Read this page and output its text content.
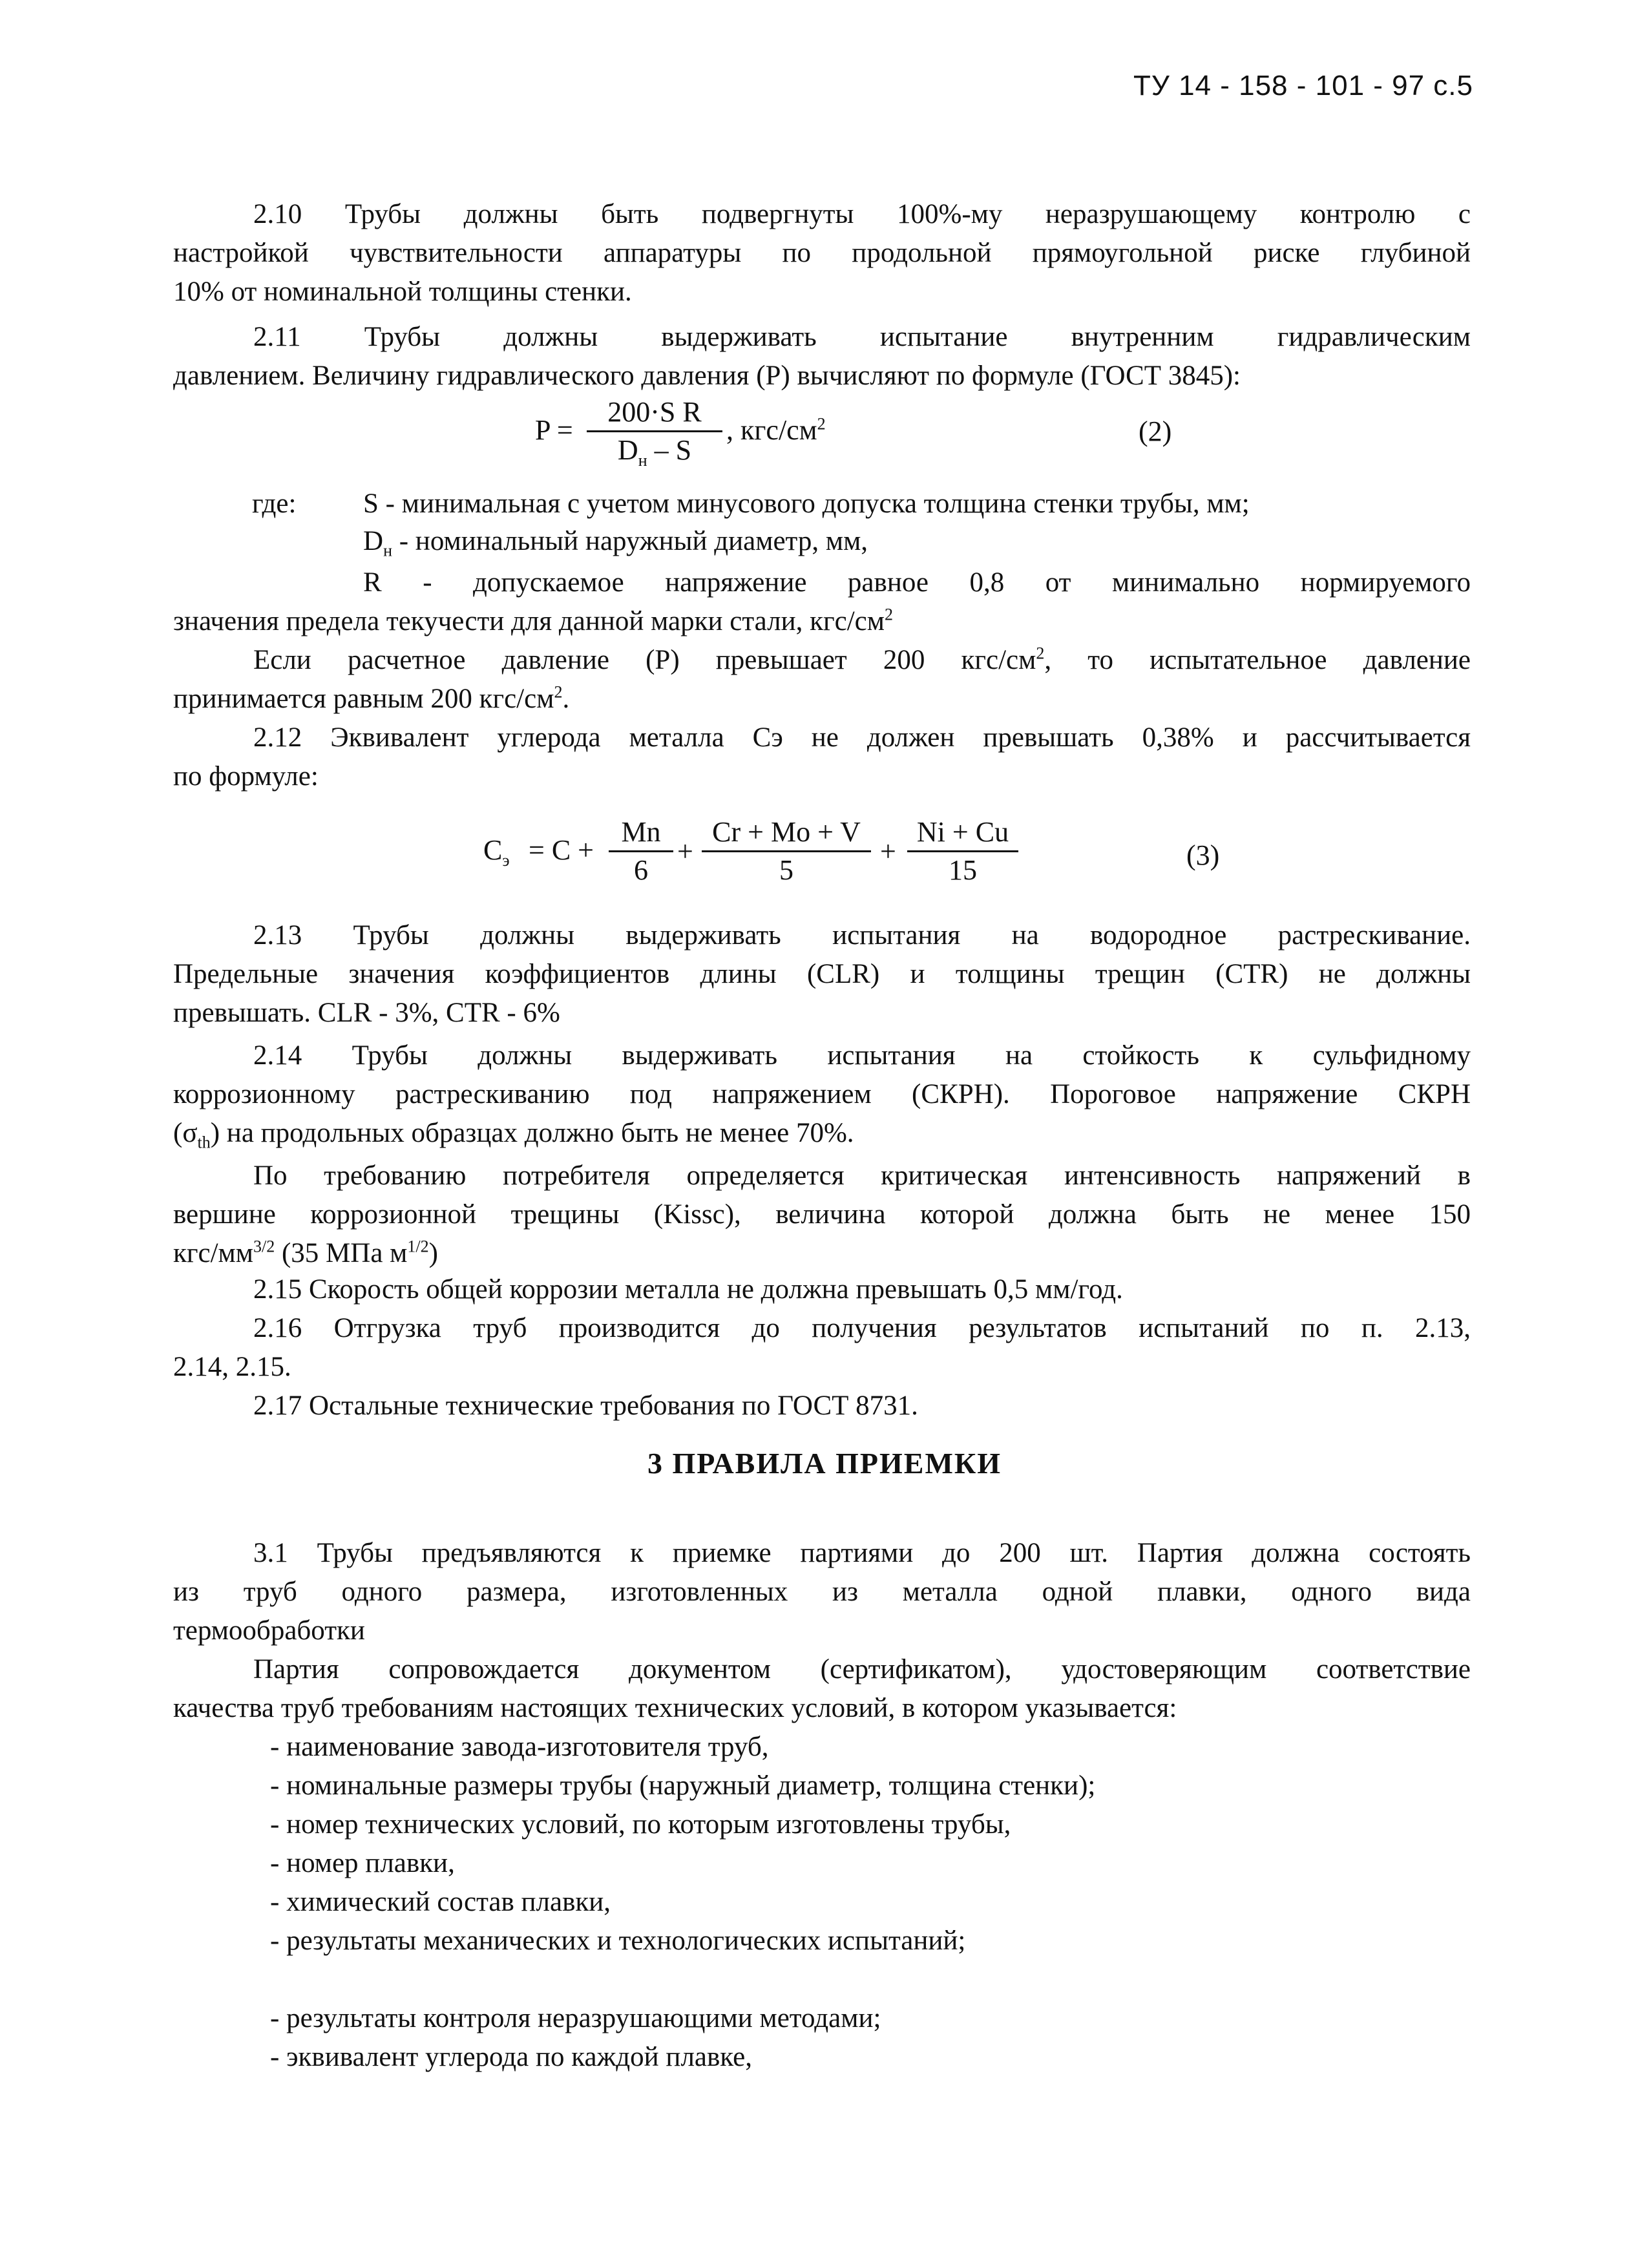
ТУ 14 - 158 - 101 - 97 с.5
2.10 Трубы должны быть подвергнуты 100%-му неразрушающему контролю с
настройкой чувствительности аппаратуры по продольной прямоугольной риске глубиной
10% от номинальной толщины стенки.
2.11 Трубы должны выдерживать испытание внутренним гидравлическим
давлением. Величину гидравлического давления (P) вычисляют по формуле (ГОСТ 3845):
P =
200·S R
$D_н$ – S
, кгс/$см^2$	(2)
где: S - минимальная с учетом минусового допуска толщина стенки трубы, мм;
$D_н$ - номинальный наружный диаметр, мм,
R - допускаемое напряжение равное 0,8 от минимально нормируемого
значения предела текучести для данной марки стали, кгс/$см^2$
Если расчетное давление (P) превышает 200 кгс/$см^2$, то испытательное давление
принимается равным 200 кгс/$см^2$.
2.12 Эквивалент углерода металла Cэ не должен превышать 0,38% и рассчитывается
по формуле:
$C_э = C$ +
Mn
6
+
Cr + Mo + V
5
+
Ni + Cu
15	(3)
2.13 Трубы должны выдерживать испытания на водородное растрескивание.
Предельные значения коэффициентов длины (CLR) и толщины трещин (CTR) не должны
превышать. CLR - 3%, CTR - 6%
2.14 Трубы должны выдерживать испытания на стойкость к сульфидному
коррозионному растрескиванию под напряжением (СКРН). Пороговое напряжение СКРН
$(\sigma_{th})$ на продольных образцах должно быть не менее 70%.
По требованию потребителя определяется критическая интенсивность напряжений в
вершине коррозионной трещины (Kissc), величина которой должна быть не менее 150
кгс/$мм^{3/2}$ (35 МПа $м^{1/2}$)
2.15 Скорость общей коррозии металла не должна превышать 0,5 мм/год.
2.16 Отгрузка труб производится до получения результатов испытаний по п. 2.13,
2.14, 2.15.
2.17 Остальные технические требования по ГОСТ 8731.
3 ПРАВИЛА ПРИЕМКИ
3.1 Трубы предъявляются к приемке партиями до 200 шт. Партия должна состоять
из труб одного размера, изготовленных из металла одной плавки, одного вида
термообработки
Партия сопровождается документом (сертификатом), удостоверяющим соответствие
качества труб требованиям настоящих технических условий, в котором указывается:
- наименование завода-изготовителя труб,
- номинальные размеры трубы (наружный диаметр, толщина стенки);
- номер технических условий, по которым изготовлены трубы,
- номер плавки,
- химический состав плавки,
- результаты механических и технологических испытаний;
- результаты контроля неразрушающими методами;
- эквивалент углерода по каждой плавке,
